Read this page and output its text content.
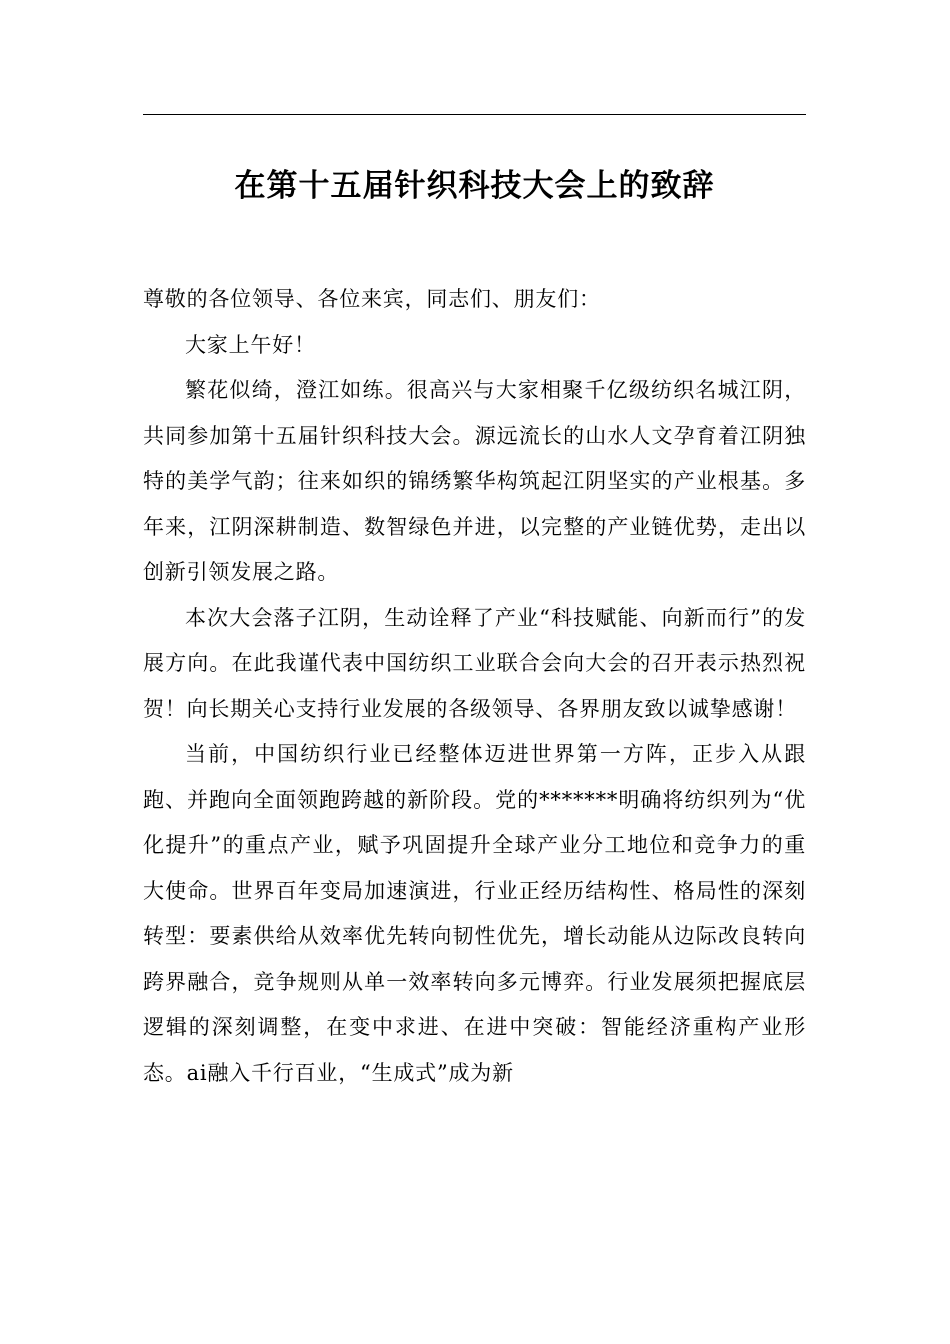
在第十五届针织科技大会上的致辞

尊敬的各位领导、各位来宾，同志们、朋友们：

大家上午好！

繁花似绮，澄江如练。很高兴与大家相聚千亿级纺织名城江阴，共同参加第十五届针织科技大会。源远流长的山水人文孕育着江阴独特的美学气韵；往来如织的锦绣繁华构筑起江阴坚实的产业根基。多年来，江阴深耕制造、数智绿色并进，以完整的产业链优势，走出以创新引领发展之路。

本次大会落子江阴，生动诠释了产业“科技赋能、向新而行”的发展方向。在此我谨代表中国纺织工业联合会向大会的召开表示热烈祝贺！向长期关心支持行业发展的各级领导、各界朋友致以诚挚感谢！

当前，中国纺织行业已经整体迈进世界第一方阵，正步入从跟跑、并跑向全面领跑跨越的新阶段。党的*******明确将纺织列为“优化提升”的重点产业，赋予巩固提升全球产业分工地位和竞争力的重大使命。世界百年变局加速演进，行业正经历结构性、格局性的深刻转型：要素供给从效率优先转向韧性优先，增长动能从边际改良转向跨界融合，竞争规则从单一效率转向多元博弈。行业发展须把握底层逻辑的深刻调整，在变中求进、在进中突破：智能经济重构产业形态。ai融入千行百业，“生成式”成为新
